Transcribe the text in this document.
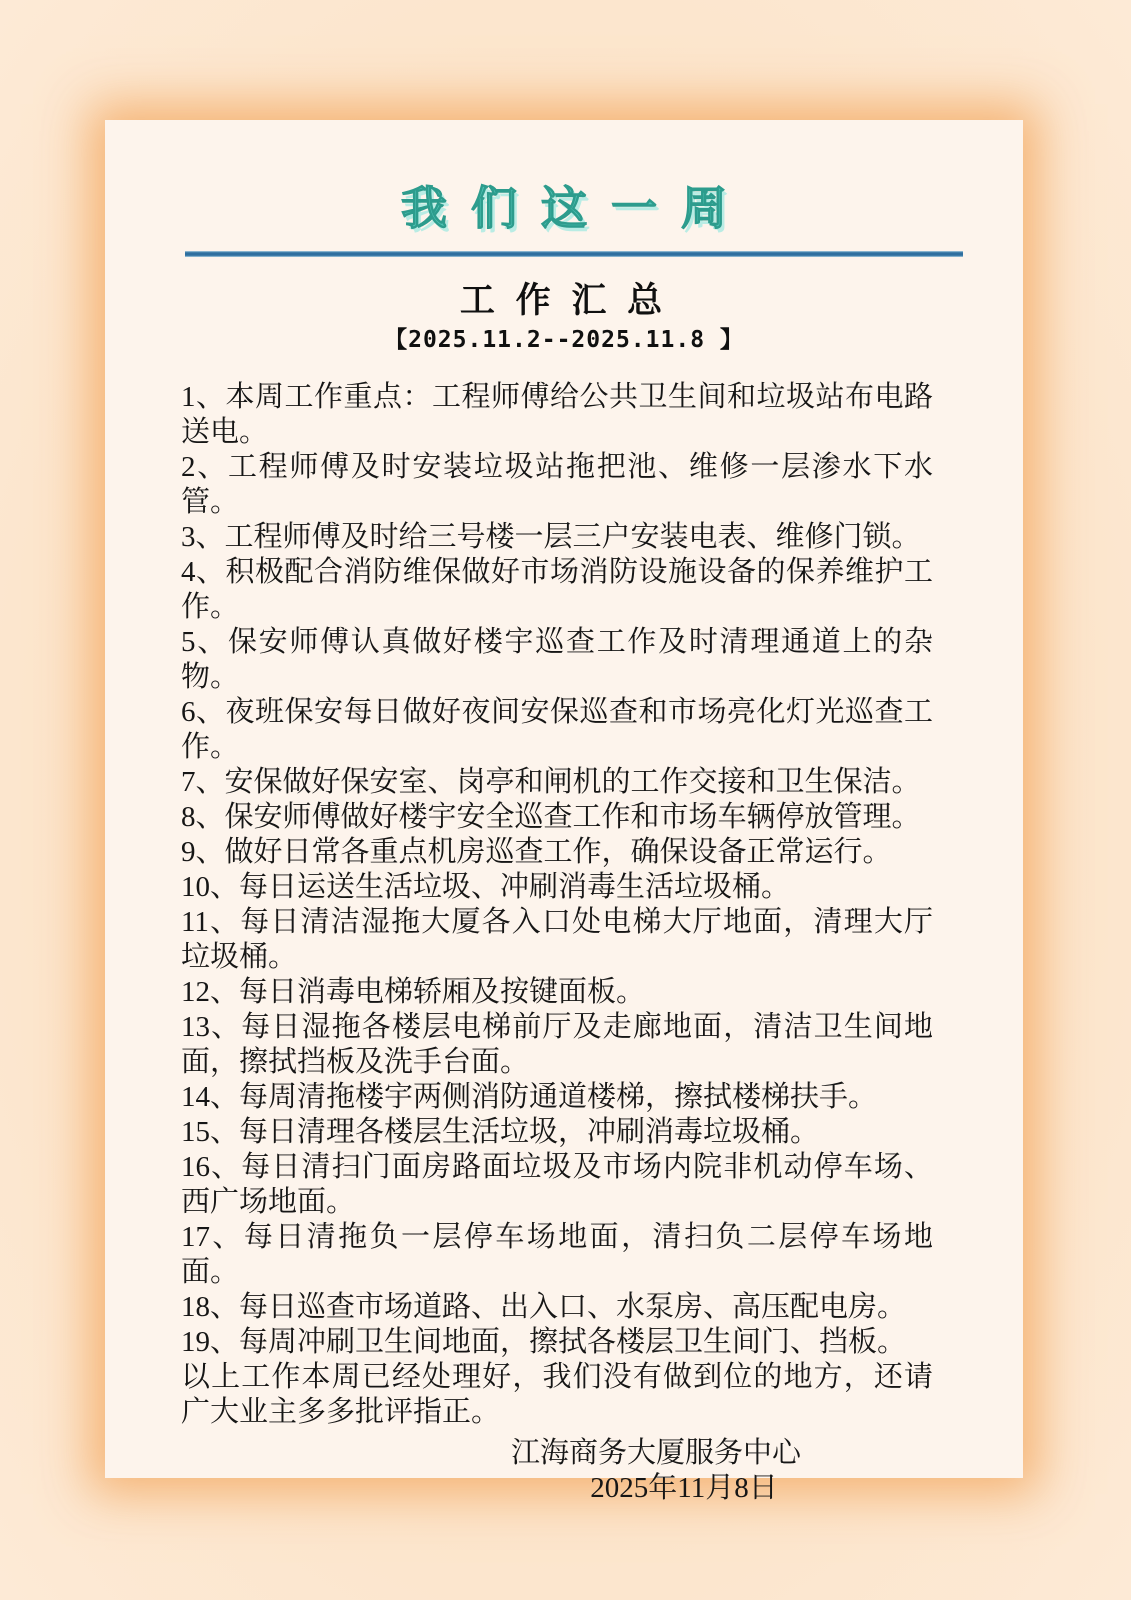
我们这一周
工 作 汇 总
【2025.11.2--2025.11.8 】

1、本周工作重点：工程师傅给公共卫生间和垃圾站布电路送电。

2、工程师傅及时安装垃圾站拖把池、维修一层渗水下水管。

3、工程师傅及时给三号楼一层三户安装电表、维修门锁。

4、积极配合消防维保做好市场消防设施设备的保养维护工作。

5、保安师傅认真做好楼宇巡查工作及时清理通道上的杂物。

6、夜班保安每日做好夜间安保巡查和市场亮化灯光巡查工作。

7、安保做好保安室、岗亭和闸机的工作交接和卫生保洁。

8、保安师傅做好楼宇安全巡查工作和市场车辆停放管理。

9、做好日常各重点机房巡查工作，确保设备正常运行。

10、每日运送生活垃圾、冲刷消毒生活垃圾桶。

11、每日清洁湿拖大厦各入口处电梯大厅地面，清理大厅垃圾桶。

12、每日消毒电梯轿厢及按键面板。

13、每日湿拖各楼层电梯前厅及走廊地面，清洁卫生间地面，擦拭挡板及洗手台面。

14、每周清拖楼宇两侧消防通道楼梯，擦拭楼梯扶手。

15、每日清理各楼层生活垃圾，冲刷消毒垃圾桶。

16、每日清扫门面房路面垃圾及市场内院非机动停车场、西广场地面。

17、每日清拖负一层停车场地面，清扫负二层停车场地面。

18、每日巡查市场道路、出入口、水泵房、高压配电房。

19、每周冲刷卫生间地面，擦拭各楼层卫生间门、挡板。

以上工作本周已经处理好，我们没有做到位的地方，还请广大业主多多批评指正。

江海商务大厦服务中心
2025年11月8日
